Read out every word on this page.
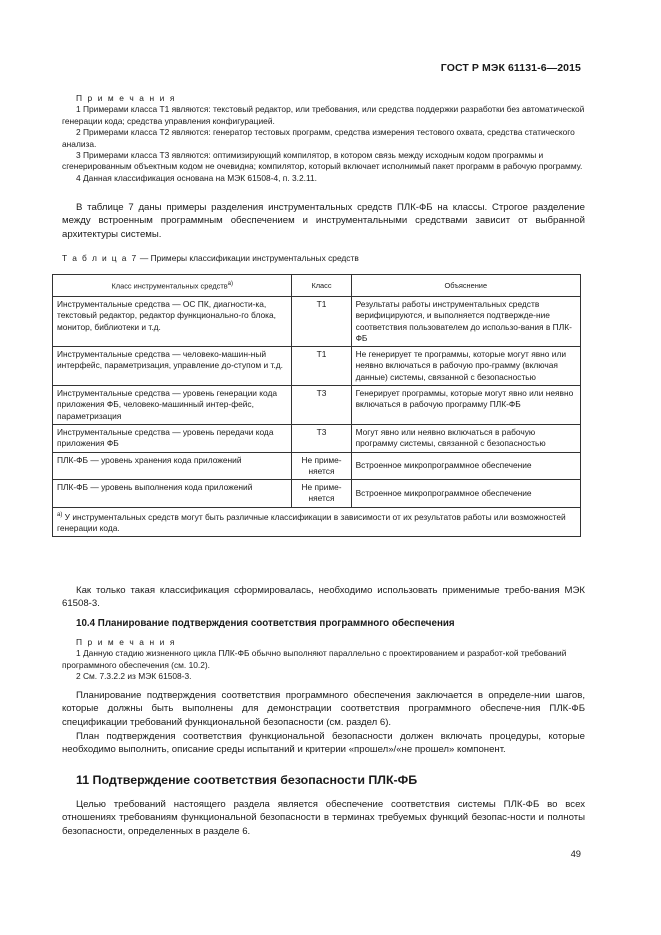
ГОСТ Р МЭК 61131-6—2015

П р и м е ч а н и я

1 Примерами класса Т1 являются: текстовый редактор, или требования, или средства поддержки разработки без автоматической генерации кода; средства управления конфигурацией.

2 Примерами класса Т2 являются: генератор тестовых программ, средства измерения тестового охвата, средства статического анализа.

3 Примерами класса Т3 являются: оптимизирующий компилятор, в котором связь между исходным кодом программы и сгенерированным объектным кодом не очевидна; компилятор, который включает исполнимый пакет программ в рабочую программу.

4 Данная классификация основана на МЭК 61508-4, п. 3.2.11.

В таблице 7 даны примеры разделения инструментальных средств ПЛК-ФБ на классы. Строгое разделение между встроенным программным обеспечением и инструментальными средствами зависит от выбранной архитектуры системы.
Т а б л и ц а 7 — Примеры классификации инструментальных средств
Класс инструментальных средств$^{а)}$	Класс	Объяснение
Инструментальные средства — ОС ПК, диагности-ка, текстовый редактор, редактор функционально-го блока, монитор, библиотеки и т.д.	Т1	Результаты работы инструментальных средств верифицируются, и выполняется подтвержде-ние соответствия пользователем до использо-вания в ПЛК-ФБ
Инструментальные средства — человеко-машин-ный интерфейс, параметризация, управление до-ступом и т.д.	Т1	Не генерирует те программы, которые могут явно или неявно включаться в рабочую про-грамму (включая данные) системы, связанной с безопасностью
Инструментальные средства — уровень генерации кода приложения ФБ, человеко-машинный интер-фейс, параметризация	Т3	Генерирует программы, которые могут явно или неявно включаться в рабочую программу ПЛК-ФБ
Инструментальные средства — уровень передачи кода приложения ФБ	Т3	Могут явно или неявно включаться в рабочую программу системы, связанной с безопасностью
ПЛК-ФБ — уровень хранения кода приложений	Не приме-няется	Встроенное микропрограммное обеспечение
ПЛК-ФБ — уровень выполнения кода приложений	Не приме-няется	Встроенное микропрограммное обеспечение
$^{а)}$ У инструментальных средств могут быть различные классификации в зависимости от их результатов работы или возможностей генерации кода.		
Как только такая классификация сформировалась, необходимо использовать применимые требо-вания МЭК 61508-3.
10.4 Планирование подтверждения соответствия программного обеспечения

П р и м е ч а н и я

1 Данную стадию жизненного цикла ПЛК-ФБ обычно выполняют параллельно с проектированием и разработ-кой требований программного обеспечения (см. 10.2).

2 См. 7.3.2.2 из МЭК 61508-3.

Планирование подтверждения соответствия программного обеспечения заключается в определе-нии шагов, которые должны быть выполнены для демонстрации соответствия программного обеспече-ния ПЛК-ФБ спецификации требований функциональной безопасности (см. раздел 6).
План подтверждения соответствия функциональной безопасности должен включать процедуры, которые необходимо выполнить, описание среды испытаний и критерии «прошел»/«не прошел» компонент.
11 Подтверждение соответствия безопасности ПЛК-ФБ
Целью требований настоящего раздела является обеспечение соответствия системы ПЛК-ФБ во всех отношениях требованиям функциональной безопасности в терминах требуемых функций безопас-ности и полноты безопасности, определенных в разделе 6.
49
